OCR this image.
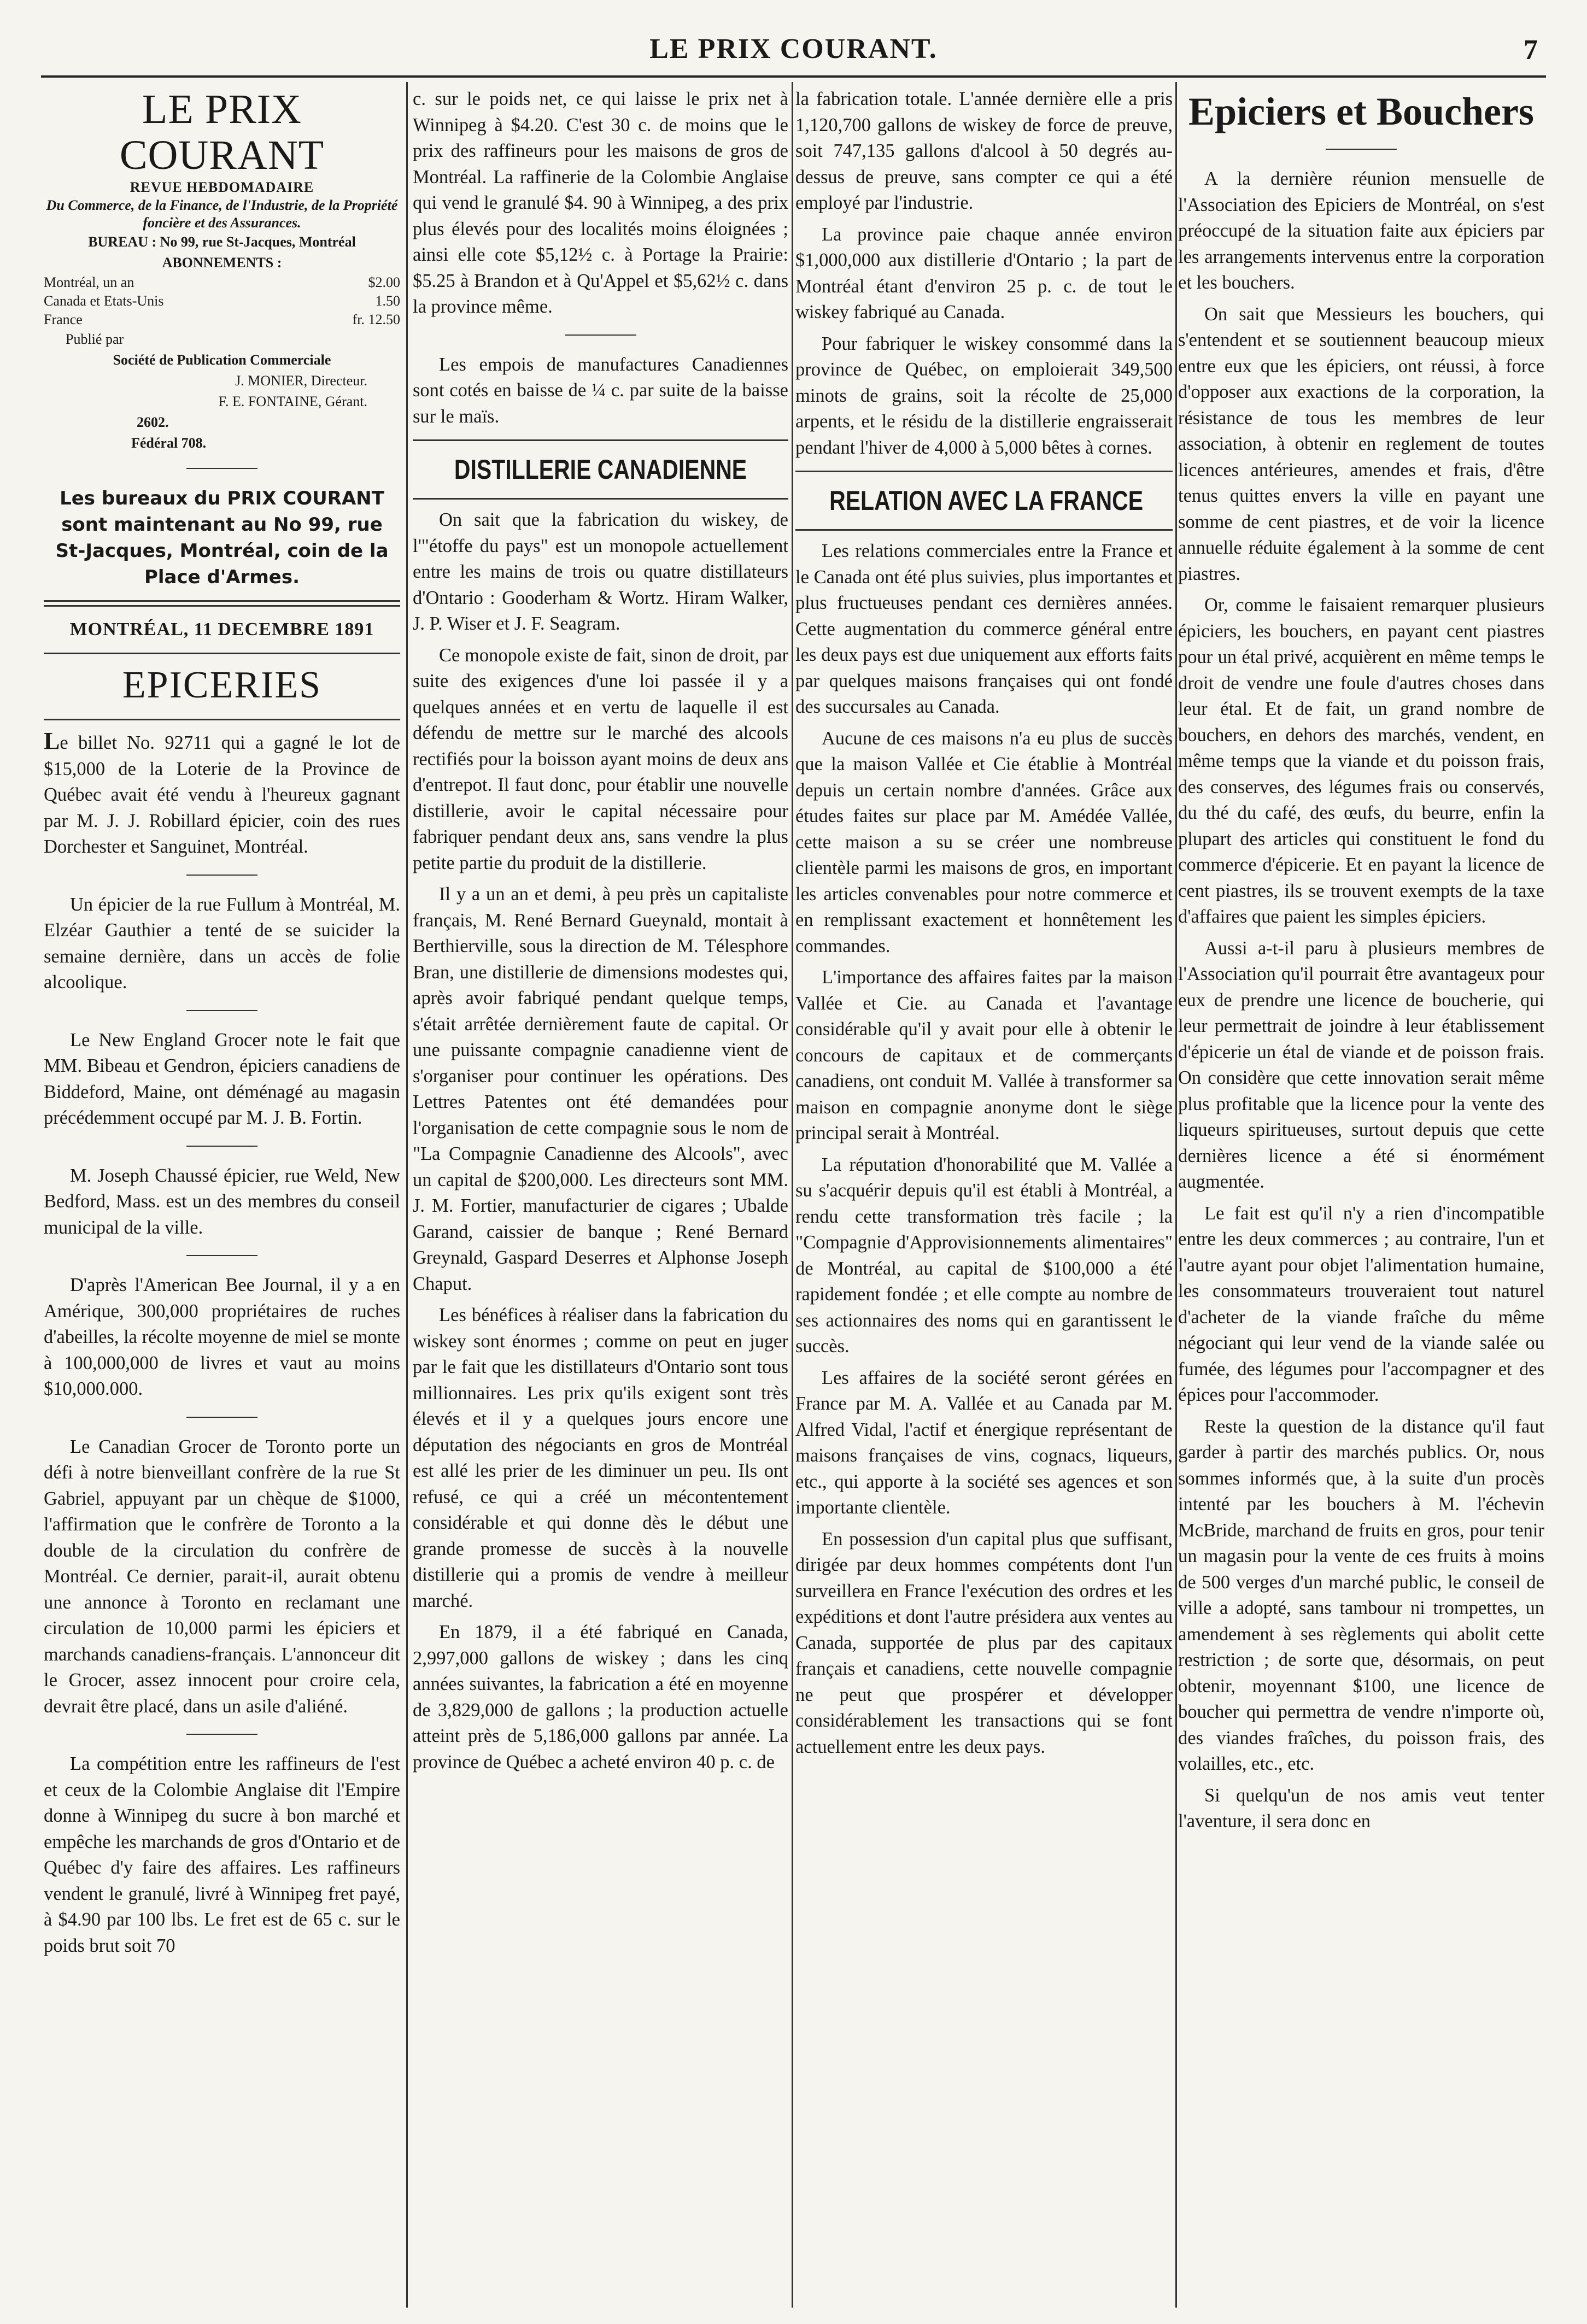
LE PRIX COURANT.	7
LE PRIX COURANT
REVUE HEBDOMADAIRE
Du Commerce, de la Finance, de l'Industrie, de la Propriété foncière et des Assurances.
BUREAU : No 99, rue St-Jacques, Montréal
ABONNEMENTS :
Montréal, un an	$2.00
Canada et Etats-Unis	1.50
France	fr. 12.50
Publié par
Société de Publication Commerciale
J. MONIER, Directeur.
F. E. FONTAINE, Gérant.
2602.
Fédéral 708.
Les bureaux du PRIX COURANT sont maintenant au No 99, rue St-Jacques, Montréal, coin de la Place d'Armes.
MONTRÉAL, 11 DECEMBRE 1891
EPICERIES

Le billet No. 92711 qui a gagné le lot de $15,000 de la Loterie de la Province de Québec avait été vendu à l'heureux gagnant par M. J. J. Robillard épicier, coin des rues Dorchester et Sanguinet, Montréal.

Un épicier de la rue Fullum à Montréal, M. Elzéar Gauthier a tenté de se suicider la semaine dernière, dans un accès de folie alcoolique.

Le New England Grocer note le fait que MM. Bibeau et Gendron, épiciers canadiens de Biddeford, Maine, ont déménagé au magasin précédemment occupé par M. J. B. Fortin.

M. Joseph Chaussé épicier, rue Weld, New Bedford, Mass. est un des membres du conseil municipal de la ville.

D'après l'American Bee Journal, il y a en Amérique, 300,000 propriétaires de ruches d'abeilles, la récolte moyenne de miel se monte à 100,000,000 de livres et vaut au moins $10,000.000.

Le Canadian Grocer de Toronto porte un défi à notre bienveillant confrère de la rue St Gabriel, appuyant par un chèque de $1000, l'affirmation que le confrère de Toronto a la double de la circulation du confrère de Montréal. Ce dernier, parait-il, aurait obtenu une annonce à Toronto en reclamant une circulation de 10,000 parmi les épiciers et marchands canadiens-français. L'annonceur dit le Grocer, assez innocent pour croire cela, devrait être placé, dans un asile d'aliéné.

La compétition entre les raffineurs de l'est et ceux de la Colombie Anglaise dit l'Empire donne à Winnipeg du sucre à bon marché et empêche les marchands de gros d'Ontario et de Québec d'y faire des affaires. Les raffineurs vendent le granulé, livré à Winnipeg fret payé, à $4.90 par 100 lbs. Le fret est de 65 c. sur le poids brut soit 70

c. sur le poids net, ce qui laisse le prix net à Winnipeg à $4.20. C'est 30 c. de moins que le prix des raffineurs pour les maisons de gros de Montréal. La raffinerie de la Colombie Anglaise qui vend le granulé $4. 90 à Winnipeg, a des prix plus élevés pour des localités moins éloignées ; ainsi elle cote $5,12½ c. à Portage la Prairie: $5.25 à Brandon et à Qu'Appel et $5,62½ c. dans la province même.

Les empois de manufactures Canadiennes sont cotés en baisse de ¼ c. par suite de la baisse sur le maïs.

DISTILLERIE CANADIENNE

On sait que la fabrication du wiskey, de l'"étoffe du pays" est un monopole actuellement entre les mains de trois ou quatre distillateurs d'Ontario : Gooderham & Wortz. Hiram Walker, J. P. Wiser et J. F. Seagram.

Ce monopole existe de fait, sinon de droit, par suite des exigences d'une loi passée il y a quelques années et en vertu de laquelle il est défendu de mettre sur le marché des alcools rectifiés pour la boisson ayant moins de deux ans d'entrepot. Il faut donc, pour établir une nouvelle distillerie, avoir le capital nécessaire pour fabriquer pendant deux ans, sans vendre la plus petite partie du produit de la distillerie.

Il y a un an et demi, à peu près un capitaliste français, M. René Bernard Gueynald, montait à Berthierville, sous la direction de M. Télesphore Bran, une distillerie de dimensions modestes qui, après avoir fabriqué pendant quelque temps, s'était arrêtée dernièrement faute de capital. Or une puissante compagnie canadienne vient de s'organiser pour continuer les opérations. Des Lettres Patentes ont été demandées pour l'organisation de cette compagnie sous le nom de "La Compagnie Canadienne des Alcools", avec un capital de $200,000. Les directeurs sont MM. J. M. Fortier, manufacturier de cigares ; Ubalde Garand, caissier de banque ; René Bernard Greynald, Gaspard Deserres et Alphonse Joseph Chaput.

Les bénéfices à réaliser dans la fabrication du wiskey sont énormes ; comme on peut en juger par le fait que les distillateurs d'Ontario sont tous millionnaires. Les prix qu'ils exigent sont très élevés et il y a quelques jours encore une députation des négociants en gros de Montréal est allé les prier de les diminuer un peu. Ils ont refusé, ce qui a créé un mécontentement considérable et qui donne dès le début une grande promesse de succès à la nouvelle distillerie qui a promis de vendre à meilleur marché.

En 1879, il a été fabriqué en Canada, 2,997,000 gallons de wiskey ; dans les cinq années suivantes, la fabrication a été en moyenne de 3,829,000 de gallons ; la production actuelle atteint près de 5,186,000 gallons par année. La province de Québec a acheté environ 40 p. c. de

la fabrication totale. L'année dernière elle a pris 1,120,700 gallons de wiskey de force de preuve, soit 747,135 gallons d'alcool à 50 degrés au-dessus de preuve, sans compter ce qui a été employé par l'industrie.

La province paie chaque année environ $1,000,000 aux distillerie d'Ontario ; la part de Montréal étant d'environ 25 p. c. de tout le wiskey fabriqué au Canada.

Pour fabriquer le wiskey consommé dans la province de Québec, on emploierait 349,500 minots de grains, soit la récolte de 25,000 arpents, et le résidu de la distillerie engraisserait pendant l'hiver de 4,000 à 5,000 bêtes à cornes.

RELATION AVEC LA FRANCE

Les relations commerciales entre la France et le Canada ont été plus suivies, plus importantes et plus fructueuses pendant ces dernières années. Cette augmentation du commerce général entre les deux pays est due uniquement aux efforts faits par quelques maisons françaises qui ont fondé des succursales au Canada.

Aucune de ces maisons n'a eu plus de succès que la maison Vallée et Cie établie à Montréal depuis un certain nombre d'années. Grâce aux études faites sur place par M. Amédée Vallée, cette maison a su se créer une nombreuse clientèle parmi les maisons de gros, en important les articles convenables pour notre commerce et en remplissant exactement et honnêtement les commandes.

L'importance des affaires faites par la maison Vallée et Cie. au Canada et l'avantage considérable qu'il y avait pour elle à obtenir le concours de capitaux et de commerçants canadiens, ont conduit M. Vallée à transformer sa maison en compagnie anonyme dont le siège principal serait à Montréal.

La réputation d'honorabilité que M. Vallée a su s'acquérir depuis qu'il est établi à Montréal, a rendu cette transformation très facile ; la "Compagnie d'Approvisionnements alimentaires" de Montréal, au capital de $100,000 a été rapidement fondée ; et elle compte au nombre de ses actionnaires des noms qui en garantissent le succès.

Les affaires de la société seront gérées en France par M. A. Vallée et au Canada par M. Alfred Vidal, l'actif et énergique représentant de maisons françaises de vins, cognacs, liqueurs, etc., qui apporte à la société ses agences et son importante clientèle.

En possession d'un capital plus que suffisant, dirigée par deux hommes compétents dont l'un surveillera en France l'exécution des ordres et les expéditions et dont l'autre présidera aux ventes au Canada, supportée de plus par des capitaux français et canadiens, cette nouvelle compagnie ne peut que prospérer et développer considérablement les transactions qui se font actuellement entre les deux pays.

Epiciers et Bouchers

A la dernière réunion mensuelle de l'Association des Epiciers de Montréal, on s'est préoccupé de la situation faite aux épiciers par les arrangements intervenus entre la corporation et les bouchers.

On sait que Messieurs les bouchers, qui s'entendent et se soutiennent beaucoup mieux entre eux que les épiciers, ont réussi, à force d'opposer aux exactions de la corporation, la résistance de tous les membres de leur association, à obtenir en reglement de toutes licences antérieures, amendes et frais, d'être tenus quittes envers la ville en payant une somme de cent piastres, et de voir la licence annuelle réduite également à la somme de cent piastres.

Or, comme le faisaient remarquer plusieurs épiciers, les bouchers, en payant cent piastres pour un étal privé, acquièrent en même temps le droit de vendre une foule d'autres choses dans leur étal. Et de fait, un grand nombre de bouchers, en dehors des marchés, vendent, en même temps que la viande et du poisson frais, des conserves, des légumes frais ou conservés, du thé du café, des œufs, du beurre, enfin la plupart des articles qui constituent le fond du commerce d'épicerie. Et en payant la licence de cent piastres, ils se trouvent exempts de la taxe d'affaires que paient les simples épiciers.

Aussi a-t-il paru à plusieurs membres de l'Association qu'il pourrait être avantageux pour eux de prendre une licence de boucherie, qui leur permettrait de joindre à leur établissement d'épicerie un étal de viande et de poisson frais. On considère que cette innovation serait même plus profitable que la licence pour la vente des liqueurs spiritueuses, surtout depuis que cette dernières licence a été si énormément augmentée.

Le fait est qu'il n'y a rien d'incompatible entre les deux commerces ; au contraire, l'un et l'autre ayant pour objet l'alimentation humaine, les consommateurs trouveraient tout naturel d'acheter de la viande fraîche du même négociant qui leur vend de la viande salée ou fumée, des légumes pour l'accompagner et des épices pour l'accommoder.

Reste la question de la distance qu'il faut garder à partir des marchés publics. Or, nous sommes informés que, à la suite d'un procès intenté par les bouchers à M. l'échevin McBride, marchand de fruits en gros, pour tenir un magasin pour la vente de ces fruits à moins de 500 verges d'un marché public, le conseil de ville a adopté, sans tambour ni trompettes, un amendement à ses règlements qui abolit cette restriction ; de sorte que, désormais, on peut obtenir, moyennant $100, une licence de boucher qui permettra de vendre n'importe où, des viandes fraîches, du poisson frais, des volailles, etc., etc.

Si quelqu'un de nos amis veut tenter l'aventure, il sera donc en
